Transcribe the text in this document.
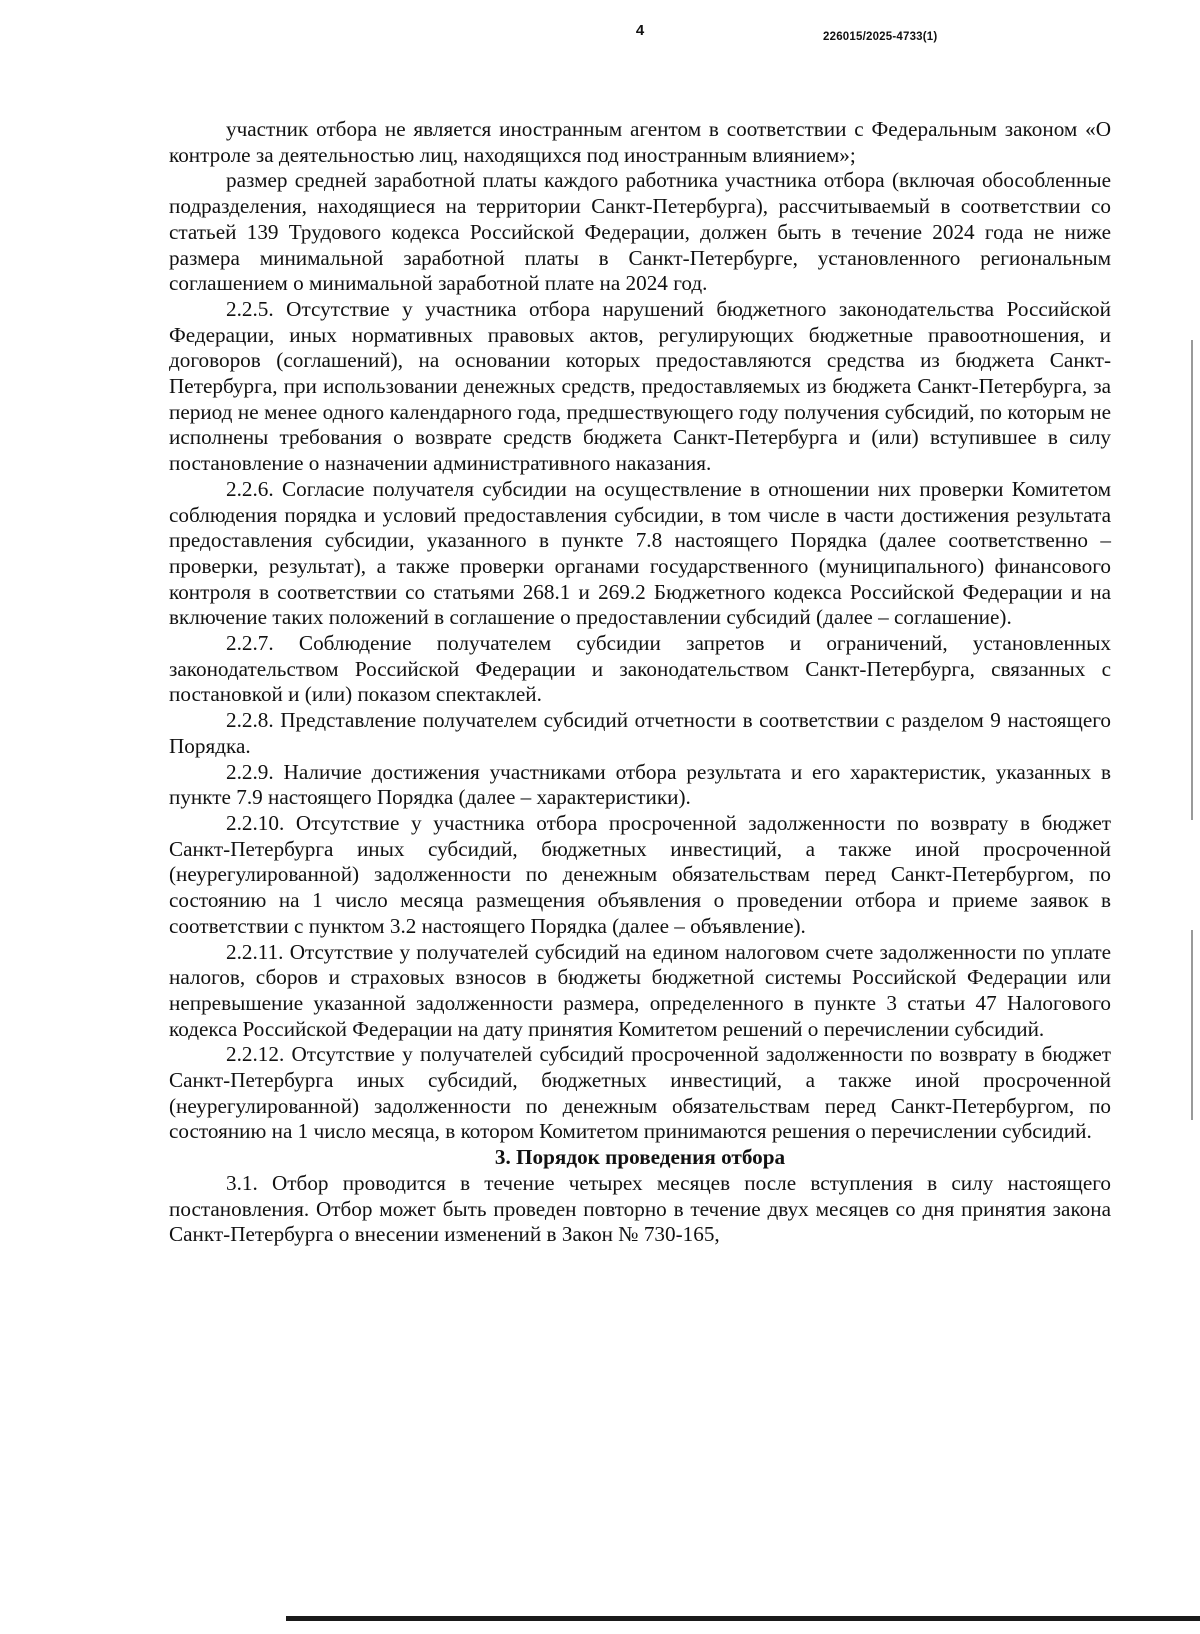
4	226015/2025-4733(1)

участник отбора не является иностранным агентом в соответствии с Федеральным законом «О контроле за деятельностью лиц, находящихся под иностранным влиянием»;

размер средней заработной платы каждого работника участника отбора (включая обособленные подразделения, находящиеся на территории Санкт-Петербурга), рассчитываемый в соответствии со статьей 139 Трудового кодекса Российской Федерации, должен быть в течение 2024 года не ниже размера минимальной заработной платы в Санкт-Петербурге, установленного региональным соглашением о минимальной заработной плате на 2024 год.

2.2.5. Отсутствие у участника отбора нарушений бюджетного законодательства Российской Федерации, иных нормативных правовых актов, регулирующих бюджетные правоотношения, и договоров (соглашений), на основании которых предоставляются средства из бюджета Санкт-Петербурга, при использовании денежных средств, предоставляемых из бюджета Санкт-Петербурга, за период не менее одного календарного года, предшествующего году получения субсидий, по которым не исполнены требования о возврате средств бюджета Санкт-Петербурга и (или) вступившее в силу постановление о назначении административного наказания.

2.2.6. Согласие получателя субсидии на осуществление в отношении них проверки Комитетом соблюдения порядка и условий предоставления субсидии, в том числе в части достижения результата предоставления субсидии, указанного в пункте 7.8 настоящего Порядка (далее соответственно – проверки, результат), а также проверки органами государственного (муниципального) финансового контроля в соответствии со статьями 268.1 и 269.2 Бюджетного кодекса Российской Федерации и на включение таких положений в соглашение о предоставлении субсидий (далее – соглашение).

2.2.7. Соблюдение получателем субсидии запретов и ограничений, установленных законодательством Российской Федерации и законодательством Санкт-Петербурга, связанных с постановкой и (или) показом спектаклей.

2.2.8. Представление получателем субсидий отчетности в соответствии с разделом 9 настоящего Порядка.

2.2.9. Наличие достижения участниками отбора результата и его характеристик, указанных в пункте 7.9 настоящего Порядка (далее – характеристики).

2.2.10. Отсутствие у участника отбора просроченной задолженности по возврату в бюджет Санкт-Петербурга иных субсидий, бюджетных инвестиций, а также иной просроченной (неурегулированной) задолженности по денежным обязательствам перед Санкт-Петербургом, по состоянию на 1 число месяца размещения объявления о проведении отбора и приеме заявок в соответствии с пунктом 3.2 настоящего Порядка (далее – объявление).

2.2.11. Отсутствие у получателей субсидий на едином налоговом счете задолженности по уплате налогов, сборов и страховых взносов в бюджеты бюджетной системы Российской Федерации или непревышение указанной задолженности размера, определенного в пункте 3 статьи 47 Налогового кодекса Российской Федерации на дату принятия Комитетом решений о перечислении субсидий.

2.2.12. Отсутствие у получателей субсидий просроченной задолженности по возврату в бюджет Санкт-Петербурга иных субсидий, бюджетных инвестиций, а также иной просроченной (неурегулированной) задолженности по денежным обязательствам перед Санкт-Петербургом, по состоянию на 1 число месяца, в котором Комитетом принимаются решения о перечислении субсидий.

3. Порядок проведения отбора

3.1. Отбор проводится в течение четырех месяцев после вступления в силу настоящего постановления. Отбор может быть проведен повторно в течение двух месяцев со дня принятия закона Санкт-Петербурга о внесении изменений в Закон № 730-165,
